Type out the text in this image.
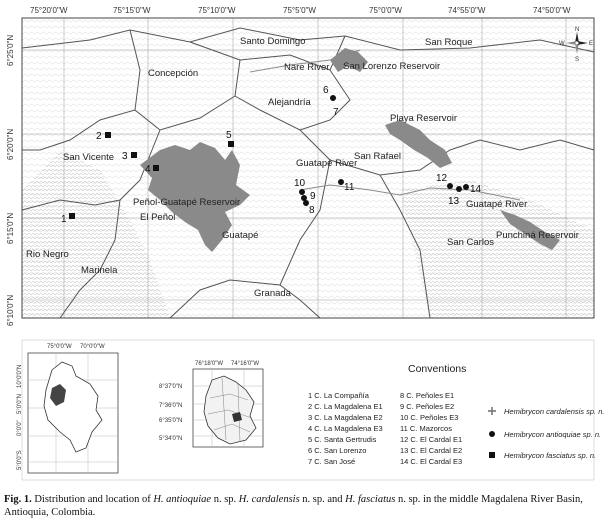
75°20'0"W	75°15'0"W	75°10'0"W	75°5'0"W	75°0'0"W	74°55'0"W	74°50'0"W
6°25'0"N
6°20'0"N
6°15'0"N
6°10'0"N
Santo Domingo	San Roque
Concepción
Nare River San Lorenzo Reservoir
Alejandría
Playa Reservoir
San Vicente	San Rafael
Guatapé River
Peñol-Guatapé Reservoir
El Peñol
Guatapé
Guatapé River
San Carlos
Punchiná Reservoir
Rio Negro
Marinela
Granada
1
2
3
4
5
6
7
8
9
10	11
12
13
14
N
S
E
W
75°0'0"W 70°0'0"W
10°0'0"N
5°0'0"N
0°0'0"
5°0'0"S
76°18'0"W 74°16'0"W
8°37'0"N
7°36'0"N
6°35'0"N
5°34'0"N
Conventions
1 C. La Compañía
2 C. La Magdalena E1
3 C. La Magdalena E2
4 C. La Magdalena E3
5 C. Santa Gertrudis
6 C. San Lorenzo
7 C. San José
8 C. Peñoles E1
9 C. Peñoles E2
10 C. Peñoles E3
11 C. Mazorcos
12 C. El Cardal E1
13 C. El Cardal E2
14 C. El Cardal E3
Hemibrycon cardalensis sp. n.
Hemibrycon antioquiae sp. n.
Hemibrycon fasciatus sp. n.
Fig. 1. Distribution and location of H. antioquiae n. sp. H. cardalensis n. sp. and H. fasciatus n. sp. in the middle Magdalena River Basin, Antioquia, Colombia.
